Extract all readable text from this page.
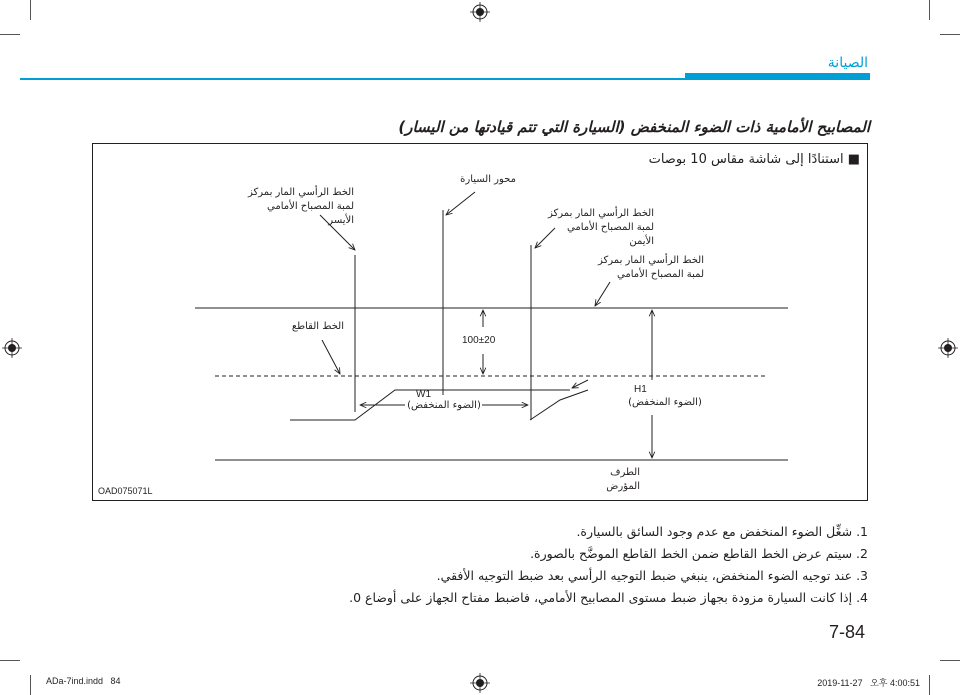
الصيانة
المصابيح الأمامية ذات الضوء المنخفض (السيارة التي تتم قيادتها من اليسار)
■ استنادًا إلى شاشة مقاس 10 بوصات
محور السيارة
الخط الرأسي المار بمركز لمبة المصباح الأمامي الأيسر
الخط الرأسي المار بمركز لمبة المصباح الأمامي الأيمن
الخط الرأسي المار بمركز لمبة المصباح الأمامي
الخط القاطع
100±20
W1
(الضوء المنخفض)
H1
(الضوء المنخفض)
الطرف المؤرض
OAD075071L
1. شغِّل الضوء المنخفض مع عدم وجود السائق بالسيارة.
2. سيتم عرض الخط القاطع ضمن الخط القاطع الموضَّح بالصورة.
3. عند توجيه الضوء المنخفض، ينبغي ضبط التوجيه الرأسي بعد ضبط التوجيه الأفقي.
4. إذا كانت السيارة مزودة بجهاز ضبط مستوى المصابيح الأمامي، فاضبط مفتاح الجهاز على أوضاع 0.
7-84
ADa-7ind.indd   84	2019-11-27   오후 4:00:51
